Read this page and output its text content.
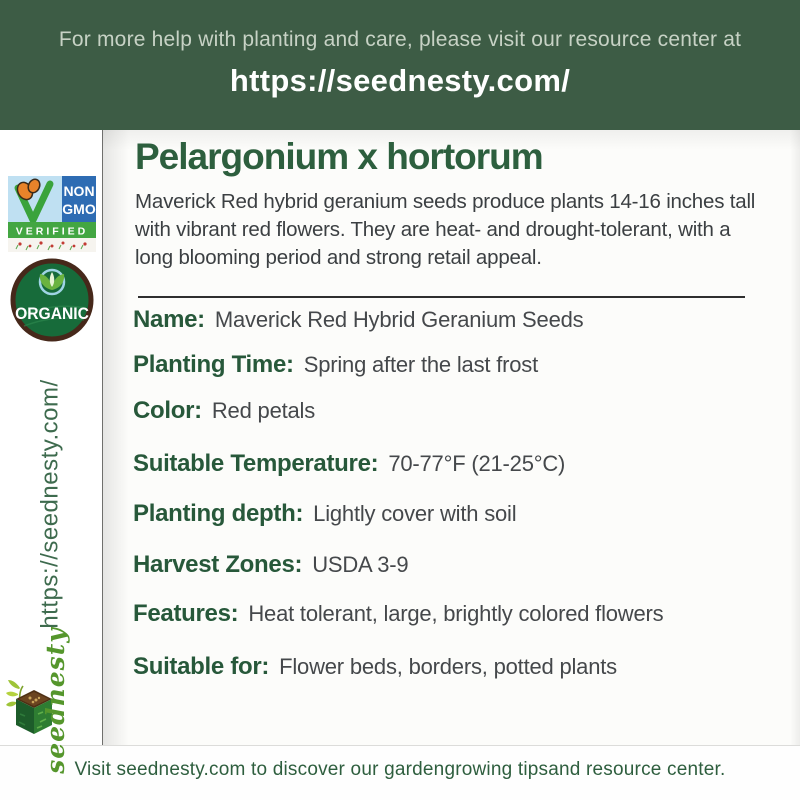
For more help with planting and care, please visit our resource center at
https://seednesty.com/
NON
GMO
VERIFIED
ORGANIC
https://seednesty.com/
seednesty
Pelargonium x hortorum
Maverick Red hybrid geranium seeds produce plants 14-16 inches tall with vibrant red flowers. They are heat- and drought-tolerant, with a long blooming period and strong retail appeal.
Name: Maverick Red Hybrid Geranium Seeds
Planting Time: Spring after the last frost
Color: Red petals
Suitable Temperature: 70-77°F (21-25°C)
Planting depth: Lightly cover with soil
Harvest Zones: USDA 3-9
Features: Heat tolerant, large, brightly colored flowers
Suitable for: Flower beds, borders, potted plants
Visit seednesty.com to discover our gardengrowing tipsand resource center.
